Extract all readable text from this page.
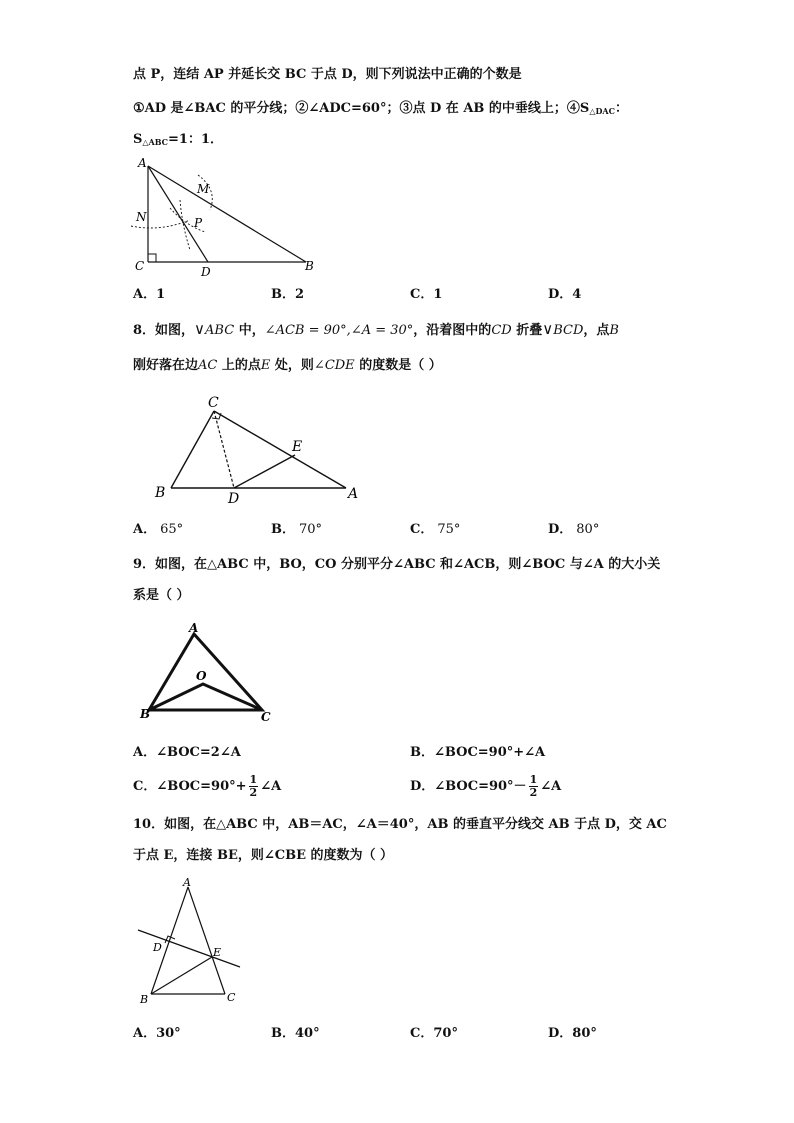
点 P，连结 AP 并延长交 BC 于点 D，则下列说法中正确的个数是
①AD 是∠BAC 的平分线；②∠ADC=60°；③点 D 在 AB 的中垂线上；$④S_{\triangle DAC}$：
$S_{\triangle ABC}=1$：1．
A
M
N	P
C	D	B
A．1	B．2	C．1	D．4
8．如图，∨ABC 中，∠ACB = 90°,∠A = 30°，沿着图中的CD 折叠∨BCD，点B
刚好落在边AC 上的点E 处，则∠CDE 的度数是（ ）
C
E
B	D	A
A． 65°	B． 70°	C． 75°	D． 80°
9．如图，在△ABC 中，BO，CO 分别平分∠ABC 和∠ACB，则∠BOC 与∠A 的大小关
系是（ ）
A
O
B	C
A．∠BOC=2∠A	B．∠BOC=90°+∠A
C．∠BOC=90°+ $\frac{1}{2}$ ∠A	D．∠BOC=90°－ $\frac{1}{2}$ ∠A
10．如图，在△ABC 中，AB＝AC，∠A＝40°，AB 的垂直平分线交 AB 于点 D，交 AC
于点 E，连接 BE，则∠CBE 的度数为（ ）
A
D	E
B	C
A．30°	B．40°	C．70°	D．80°
